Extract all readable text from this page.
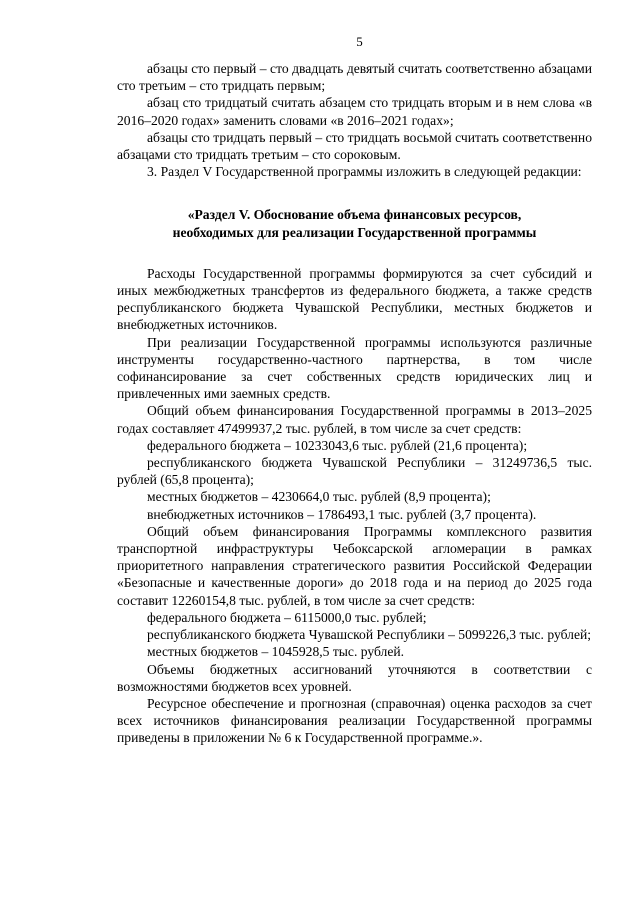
5

абзацы сто первый – сто двадцать девятый считать соответственно абзацами сто третьим – сто тридцать первым;

абзац сто тридцатый считать абзацем сто тридцать вторым и в нем слова «в 2016–2020 годах» заменить словами «в 2016–2021 годах»;

абзацы сто тридцать первый – сто тридцать восьмой считать соответственно абзацами сто тридцать третьим – сто сороковым.

3. Раздел V Государственной программы изложить в следующей редакции:

«Раздел V. Обоснование объема финансовых ресурсов,
необходимых для реализации Государственной программы

Расходы Государственной программы формируются за счет субсидий и иных межбюджетных трансфертов из федерального бюджета, а также средств республиканского бюджета Чувашской Республики, местных бюджетов и внебюджетных источников.

При реализации Государственной программы используются различные инструменты государственно-частного партнерства, в том числе софинансирование за счет собственных средств юридических лиц и привлеченных ими заемных средств.

Общий объем финансирования Государственной программы в 2013–2025 годах составляет 47499937,2 тыс. рублей, в том числе за счет средств:

федерального бюджета – 10233043,6 тыс. рублей (21,6 процента);

республиканского бюджета Чувашской Республики – 31249736,5 тыс. рублей (65,8 процента);

местных бюджетов – 4230664,0 тыс. рублей (8,9 процента);

внебюджетных источников – 1786493,1 тыс. рублей (3,7 процента).

Общий объем финансирования Программы комплексного развития транспортной инфраструктуры Чебоксарской агломерации в рамках приоритетного направления стратегического развития Российской Федерации «Безопасные и качественные дороги» до 2018 года и на период до 2025 года составит 12260154,8 тыс. рублей, в том числе за счет средств:

федерального бюджета – 6115000,0 тыс. рублей;

республиканского бюджета Чувашской Республики – 5099226,3 тыс. рублей;

местных бюджетов – 1045928,5 тыс. рублей.

Объемы бюджетных ассигнований уточняются в соответствии с возможностями бюджетов всех уровней.

Ресурсное обеспечение и прогнозная (справочная) оценка расходов за счет всех источников финансирования реализации Государственной программы приведены в приложении № 6 к Государственной программе.».
